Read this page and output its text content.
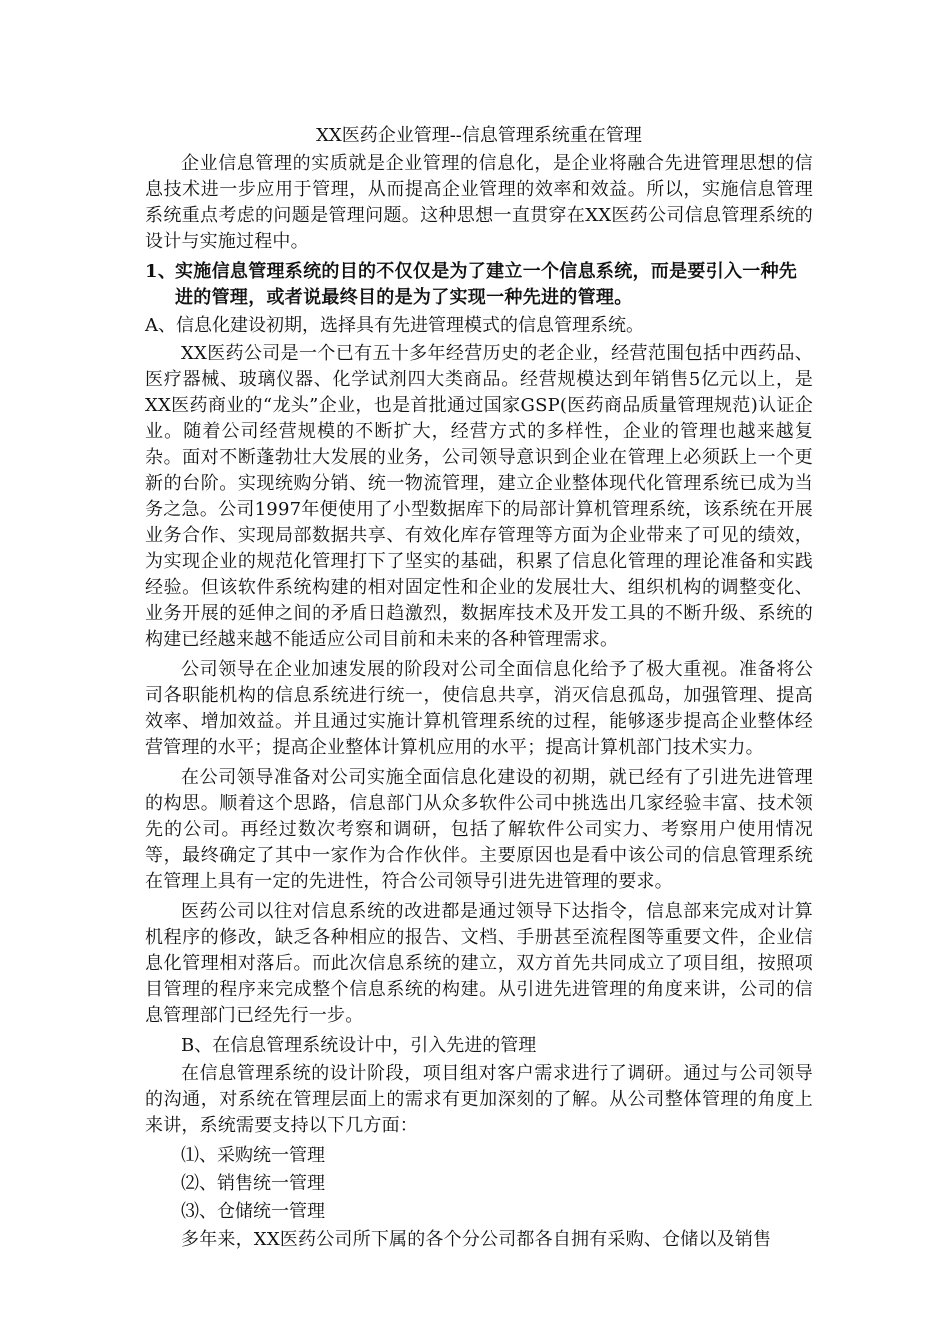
XX医药企业管理--信息管理系统重在管理

企业信息管理的实质就是企业管理的信息化，是企业将融合先进管理思想的信息技术进一步应用于管理，从而提高企业管理的效率和效益。所以，实施信息管理系统重点考虑的问题是管理问题。这种思想一直贯穿在XX医药公司信息管理系统的设计与实施过程中。

1、实施信息管理系统的目的不仅仅是为了建立一个信息系统，而是要引入一种先进的管理，或者说最终目的是为了实现一种先进的管理。
A、信息化建设初期，选择具有先进管理模式的信息管理系统。

XX医药公司是一个已有五十多年经营历史的老企业，经营范围包括中西药品、医疗器械、玻璃仪器、化学试剂四大类商品。经营规模达到年销售5亿元以上，是XX医药商业的“龙头”企业，也是首批通过国家GSP(医药商品质量管理规范)认证企业。随着公司经营规模的不断扩大，经营方式的多样性，企业的管理也越来越复杂。面对不断蓬勃壮大发展的业务，公司领导意识到企业在管理上必须跃上一个更新的台阶。实现统购分销、统一物流管理，建立企业整体现代化管理系统已成为当务之急。公司1997年便使用了小型数据库下的局部计算机管理系统，该系统在开展业务合作、实现局部数据共享、有效化库存管理等方面为企业带来了可见的绩效，为实现企业的规范化管理打下了坚实的基础，积累了信息化管理的理论准备和实践经验。但该软件系统构建的相对固定性和企业的发展壮大、组织机构的调整变化、业务开展的延伸之间的矛盾日趋激烈，数据库技术及开发工具的不断升级、系统的构建已经越来越不能适应公司目前和未来的各种管理需求。

公司领导在企业加速发展的阶段对公司全面信息化给予了极大重视。准备将公司各职能机构的信息系统进行统一，使信息共享，消灭信息孤岛，加强管理、提高效率、增加效益。并且通过实施计算机管理系统的过程，能够逐步提高企业整体经营管理的水平；提高企业整体计算机应用的水平；提高计算机部门技术实力。

在公司领导准备对公司实施全面信息化建设的初期，就已经有了引进先进管理的构思。顺着这个思路，信息部门从众多软件公司中挑选出几家经验丰富、技术领先的公司。再经过数次考察和调研，包括了解软件公司实力、考察用户使用情况等，最终确定了其中一家作为合作伙伴。主要原因也是看中该公司的信息管理系统在管理上具有一定的先进性，符合公司领导引进先进管理的要求。

医药公司以往对信息系统的改进都是通过领导下达指令，信息部来完成对计算机程序的修改，缺乏各种相应的报告、文档、手册甚至流程图等重要文件，企业信息化管理相对落后。而此次信息系统的建立，双方首先共同成立了项目组，按照项目管理的程序来完成整个信息系统的构建。从引进先进管理的角度来讲，公司的信息管理部门已经先行一步。

B、在信息管理系统设计中，引入先进的管理

在信息管理系统的设计阶段，项目组对客户需求进行了调研。通过与公司领导的沟通，对系统在管理层面上的需求有更加深刻的了解。从公司整体管理的角度上来讲，系统需要支持以下几方面：

⑴、采购统一管理
⑵、销售统一管理
⑶、仓储统一管理

多年来，XX医药公司所下属的各个分公司都各自拥有采购、仓储以及销售
